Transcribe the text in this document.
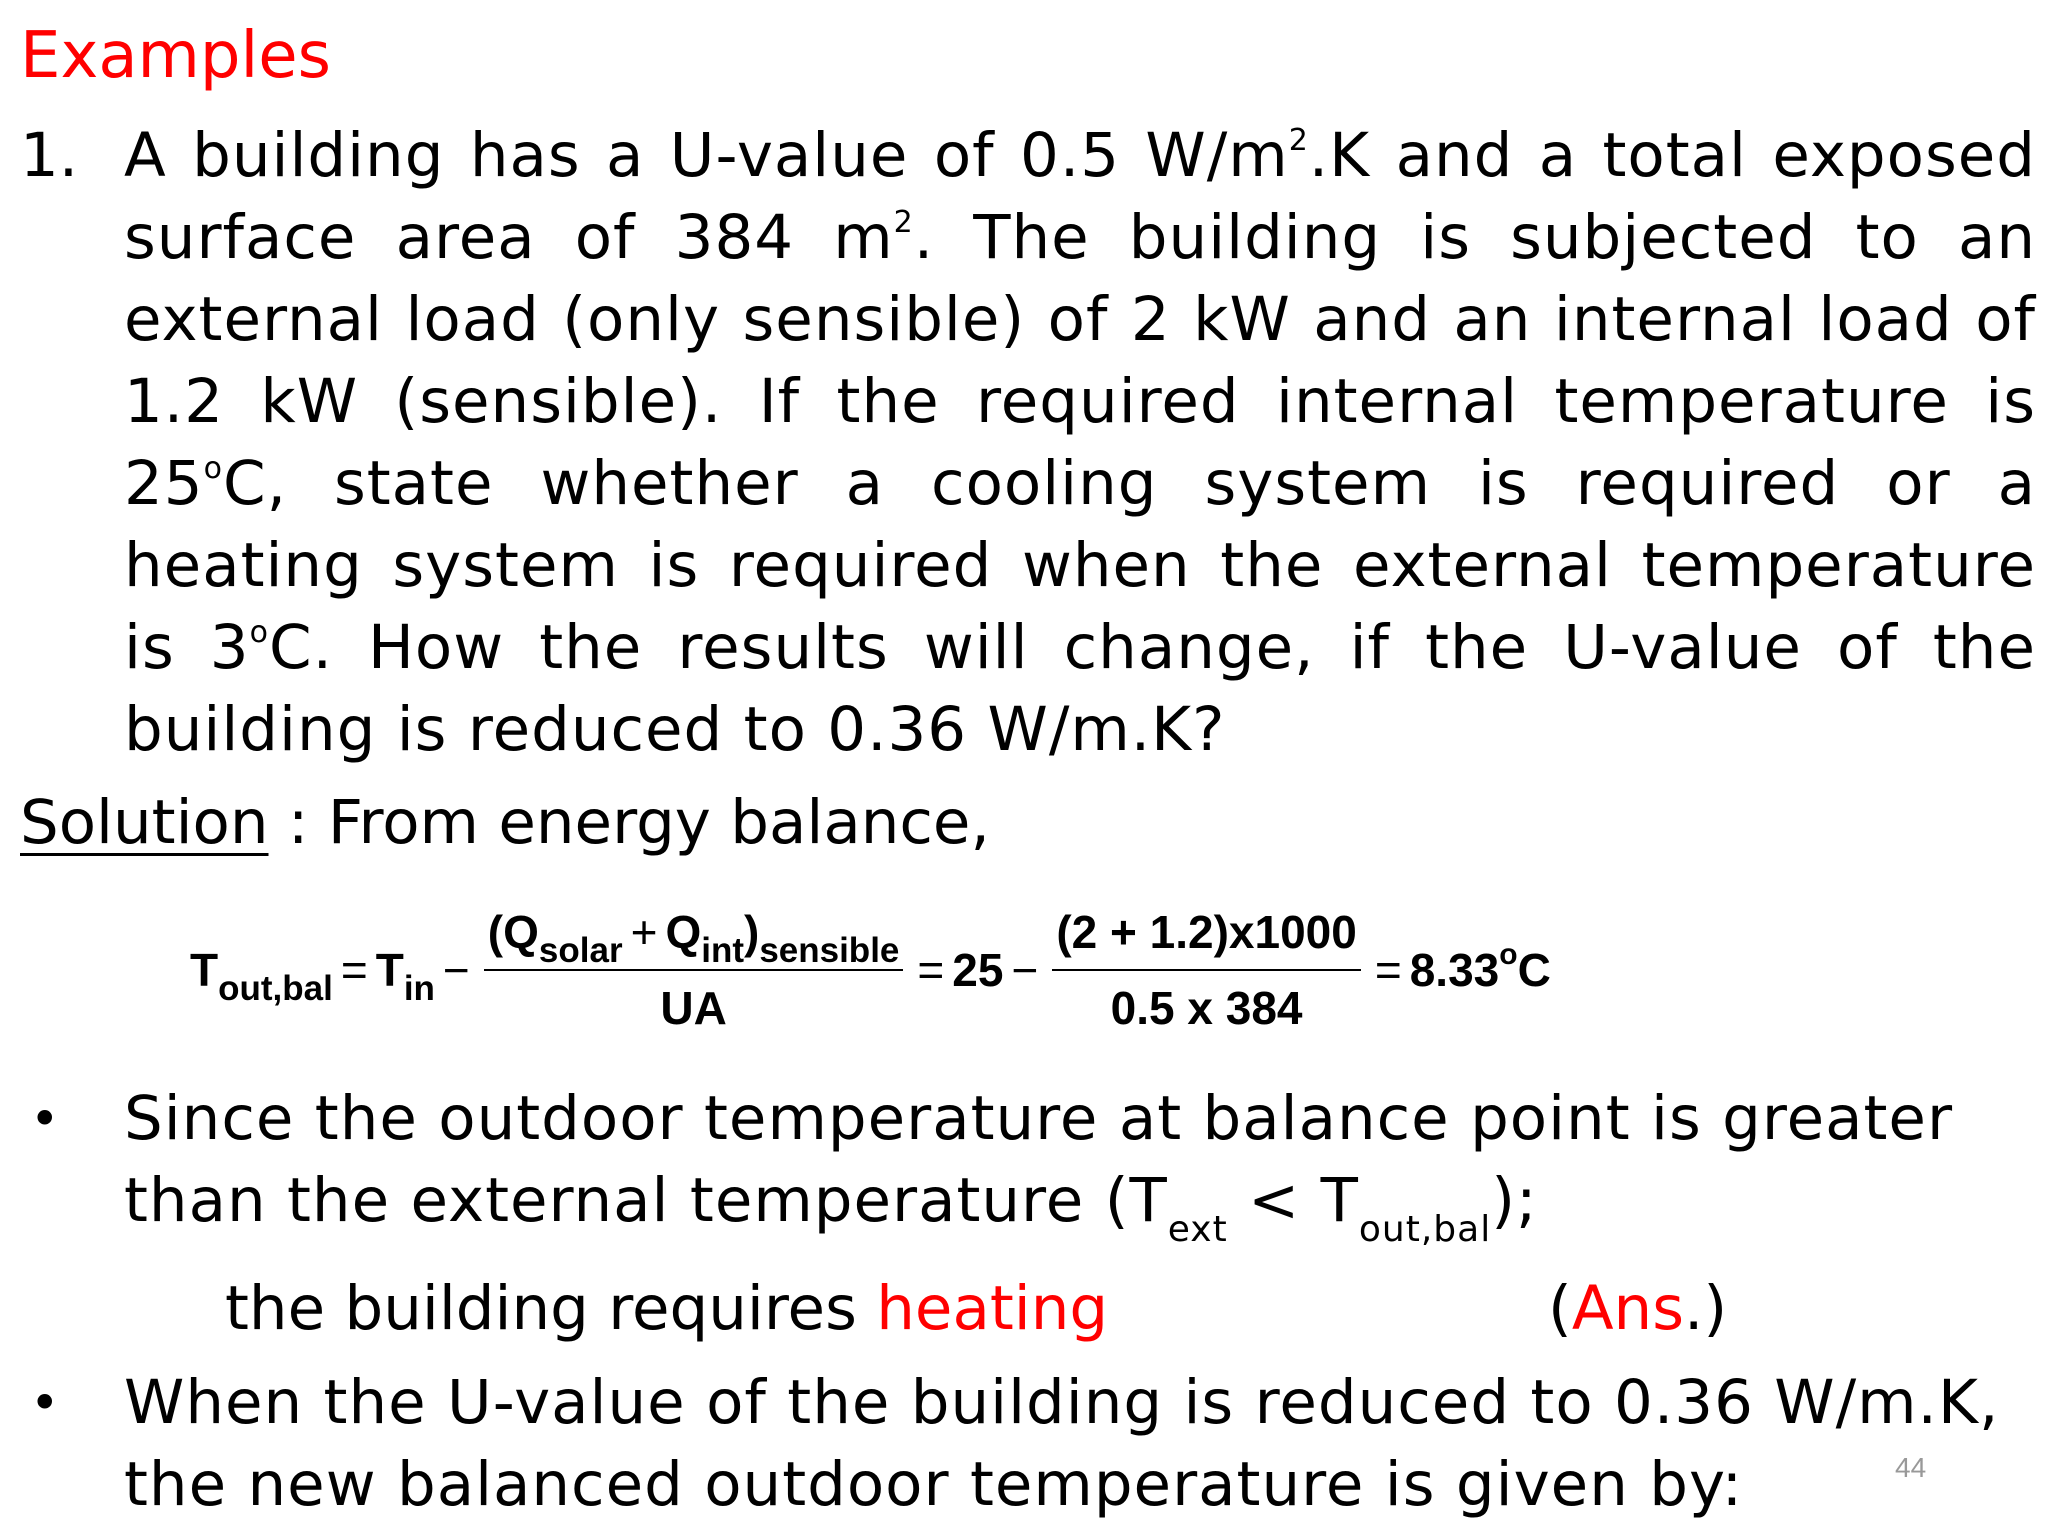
Examples
1. A building has a U-value of 0.5 $W/m^2.K$ and a total exposed surface area of 384 $m^2$. The building is subjected to an external load (only sensible) of 2 kW and an internal load of 1.2 kW (sensible). If the required internal temperature is 25$^o$C, state whether a cooling system is required or a heating system is required when the external temperature is 3$^o$C. How the results will change, if the U-value of the building is reduced to 0.36 W/m.K?

Solution : From energy balance,

$T_{out,bal} = T_{in} - \frac{(Q_{solar} + Q_{int})_{sensible}}{UA} = 25 - \frac{(2 + 1.2)x1000}{0.5 x 384} = 8.33^oC$
• Since the outdoor temperature at balance point is greater than the external temperature $(T_{ext} < T_{out,bal})$;

the building requires heating	(Ans.)
• When the U-value of the building is reduced to 0.36 W/m.K, the new balanced outdoor temperature is given by:	44
